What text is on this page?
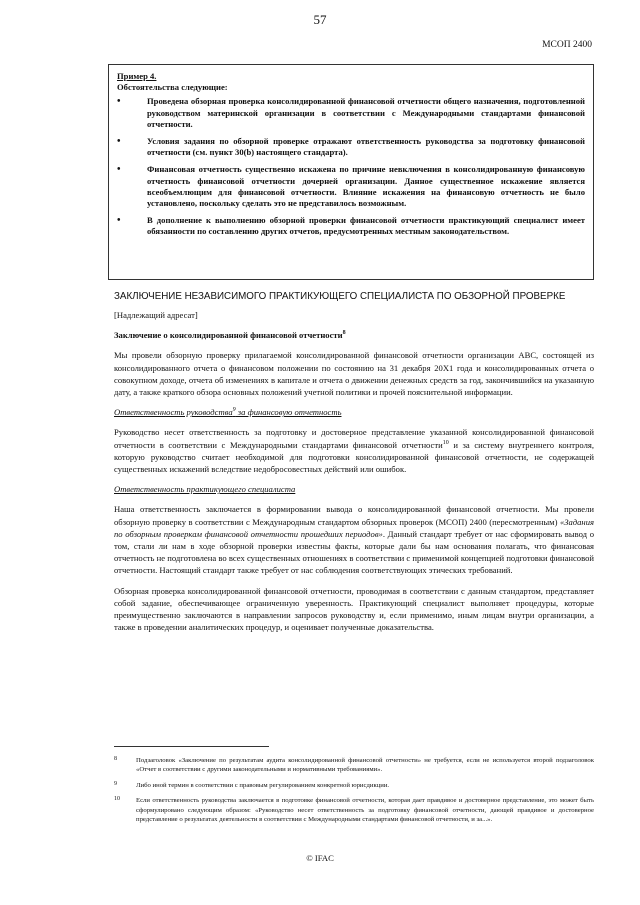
57
МСОП 2400
Пример 4.
Обстоятельства следующие:
• Проведена обзорная проверка консолидированной финансовой отчетности общего назначения, подготовленной руководством материнской организации в соответствии с Международными стандартами финансовой отчетности.
• Условия задания по обзорной проверке отражают ответственность руководства за подготовку финансовой отчетности (см. пункт 30(b) настоящего стандарта).
• Финансовая отчетность существенно искажена по причине невключения в консолидированную финансовую отчетность финансовой отчетности дочерней организации. Данное существенное искажение является всеобъемлющим для финансовой отчетности. Влияние искажения на финансовую отчетность не было установлено, поскольку сделать это не представилось возможным.
• В дополнение к выполнению обзорной проверки финансовой отчетности практикующий специалист имеет обязанности по составлению других отчетов, предусмотренных местным законодательством.

ЗАКЛЮЧЕНИЕ НЕЗАВИСИМОГО ПРАКТИКУЮЩЕГО СПЕЦИАЛИСТА ПО ОБЗОРНОЙ ПРОВЕРКЕ

[Надлежащий адресат]

Заключение о консолидированной финансовой отчетности$^8$

Мы провели обзорную проверку прилагаемой консолидированной финансовой отчетности организации ABC, состоящей из консолидированного отчета о финансовом положении по состоянию на 31 декабря 20X1 года и консолидированных отчета о совокупном доходе, отчета об изменениях в капитале и отчета о движении денежных средств за год, закончившийся на указанную дату, а также краткого обзора основных положений учетной политики и прочей пояснительной информации.

Ответственность руководства$^9$ за финансовую отчетность

Руководство несет ответственность за подготовку и достоверное представление указанной консолидированной финансовой отчетности в соответствии с Международными стандартами финансовой отчетности$^{10}$ и за систему внутреннего контроля, которую руководство считает необходимой для подготовки консолидированной финансовой отчетности, не содержащей существенных искажений вследствие недобросовестных действий или ошибок.

Ответственность практикующего специалиста

Наша ответственность заключается в формировании вывода о консолидированной финансовой отчетности. Мы провели обзорную проверку в соответствии с Международным стандартом обзорных проверок (МСОП) 2400 (пересмотренным) «Задания по обзорным проверкам финансовой отчетности прошедших периодов». Данный стандарт требует от нас сформировать вывод о том, стали ли нам в ходе обзорной проверки известны факты, которые дали бы нам основания полагать, что финансовая отчетность не подготовлена во всех существенных отношениях в соответствии с применимой концепцией подготовки финансовой отчетности. Настоящий стандарт также требует от нас соблюдения соответствующих этических требований.

Обзорная проверка консолидированной финансовой отчетности, проводимая в соответствии с данным стандартом, представляет собой задание, обеспечивающее ограниченную уверенность. Практикующий специалист выполняет процедуры, которые преимущественно заключаются в направлении запросов руководству и, если применимо, иным лицам внутри организации, а также в проведении аналитических процедур, и оценивает полученные доказательства.

8	Подзаголовок «Заключение по результатам аудита консолидированной финансовой отчетности» не требуется, если не используется второй подзаголовок «Отчет в соответствии с другими законодательными и нормативными требованиями».
9	Либо иной термин в соответствии с правовым регулированием конкретной юрисдикции.
10 Если ответственность руководства заключается в подготовке финансовой отчетности, которая дает правдивое и достоверное представление, это может быть сформулировано следующим образом: «Руководство несет ответственность за подготовку финансовой отчетности, дающей правдивое и достоверное представление о результатах деятельности в соответствии с Международными стандартами финансовой отчетности, и за...».
© IFAC
